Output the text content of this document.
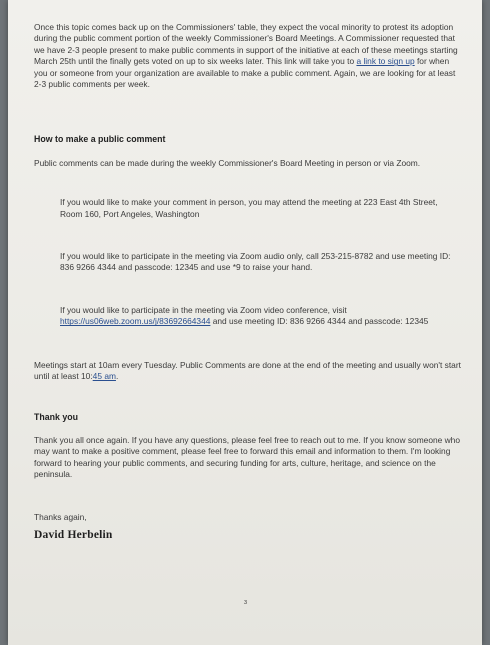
Once this topic comes back up on the Commissioners' table, they expect the vocal minority to protest its adoption during the public comment portion of the weekly Commissioner's Board Meetings. A Commissioner requested that we have 2-3 people present to make public comments in support of the initiative at each of these meetings starting March 25th until the finally gets voted on up to six weeks later. This link will take you to a link to sign up for when you or someone from your organization are available to make a public comment. Again, we are looking for at least 2-3 public comments per week.

How to make a public comment

Public comments can be made during the weekly Commissioner's Board Meeting in person or via Zoom.

If you would like to make your comment in person, you may attend the meeting at 223 East 4th Street, Room 160, Port Angeles, Washington

If you would like to participate in the meeting via Zoom audio only, call 253-215-8782 and use meeting ID: 836 9266 4344 and passcode: 12345 and use *9 to raise your hand.

If you would like to participate in the meeting via Zoom video conference, visit https://us06web.zoom.us/j/83692664344 and use meeting ID: 836 9266 4344 and passcode: 12345

Meetings start at 10am every Tuesday. Public Comments are done at the end of the meeting and usually won't start until at least 10:45 am.

Thank you

Thank you all once again. If you have any questions, please feel free to reach out to me. If you know someone who may want to make a positive comment, please feel free to forward this email and information to them. I'm looking forward to hearing your public comments, and securing funding for arts, culture, heritage, and science on the peninsula.

Thanks again,

David Herbelin

3
